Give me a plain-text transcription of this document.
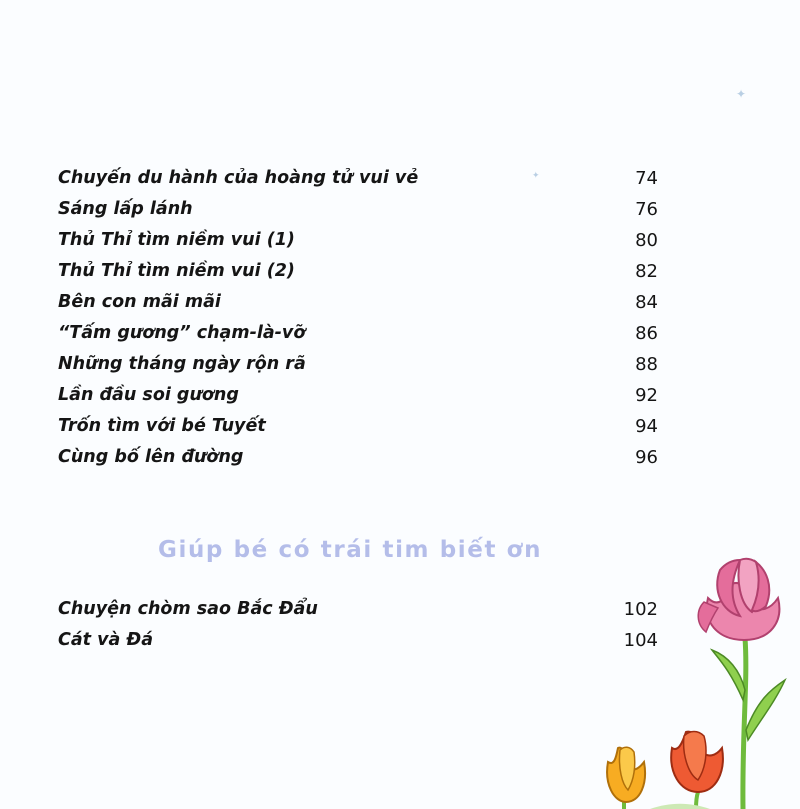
✦
✦
Chuyến du hành của hoàng tử vui vẻ	74
Sáng lấp lánh	76
Thủ Thỉ tìm niềm vui (1)	80
Thủ Thỉ tìm niềm vui (2)	82
Bên con mãi mãi	84
“Tấm gương” chạm-là-vỡ	86
Những tháng ngày rộn rã	88
Lần đầu soi gương	92
Trốn tìm với bé Tuyết	94
Cùng bố lên đường	96
Giúp bé có trái tim biết ơn
Chuyện chòm sao Bắc Đẩu	102
Cát và Đá	104
